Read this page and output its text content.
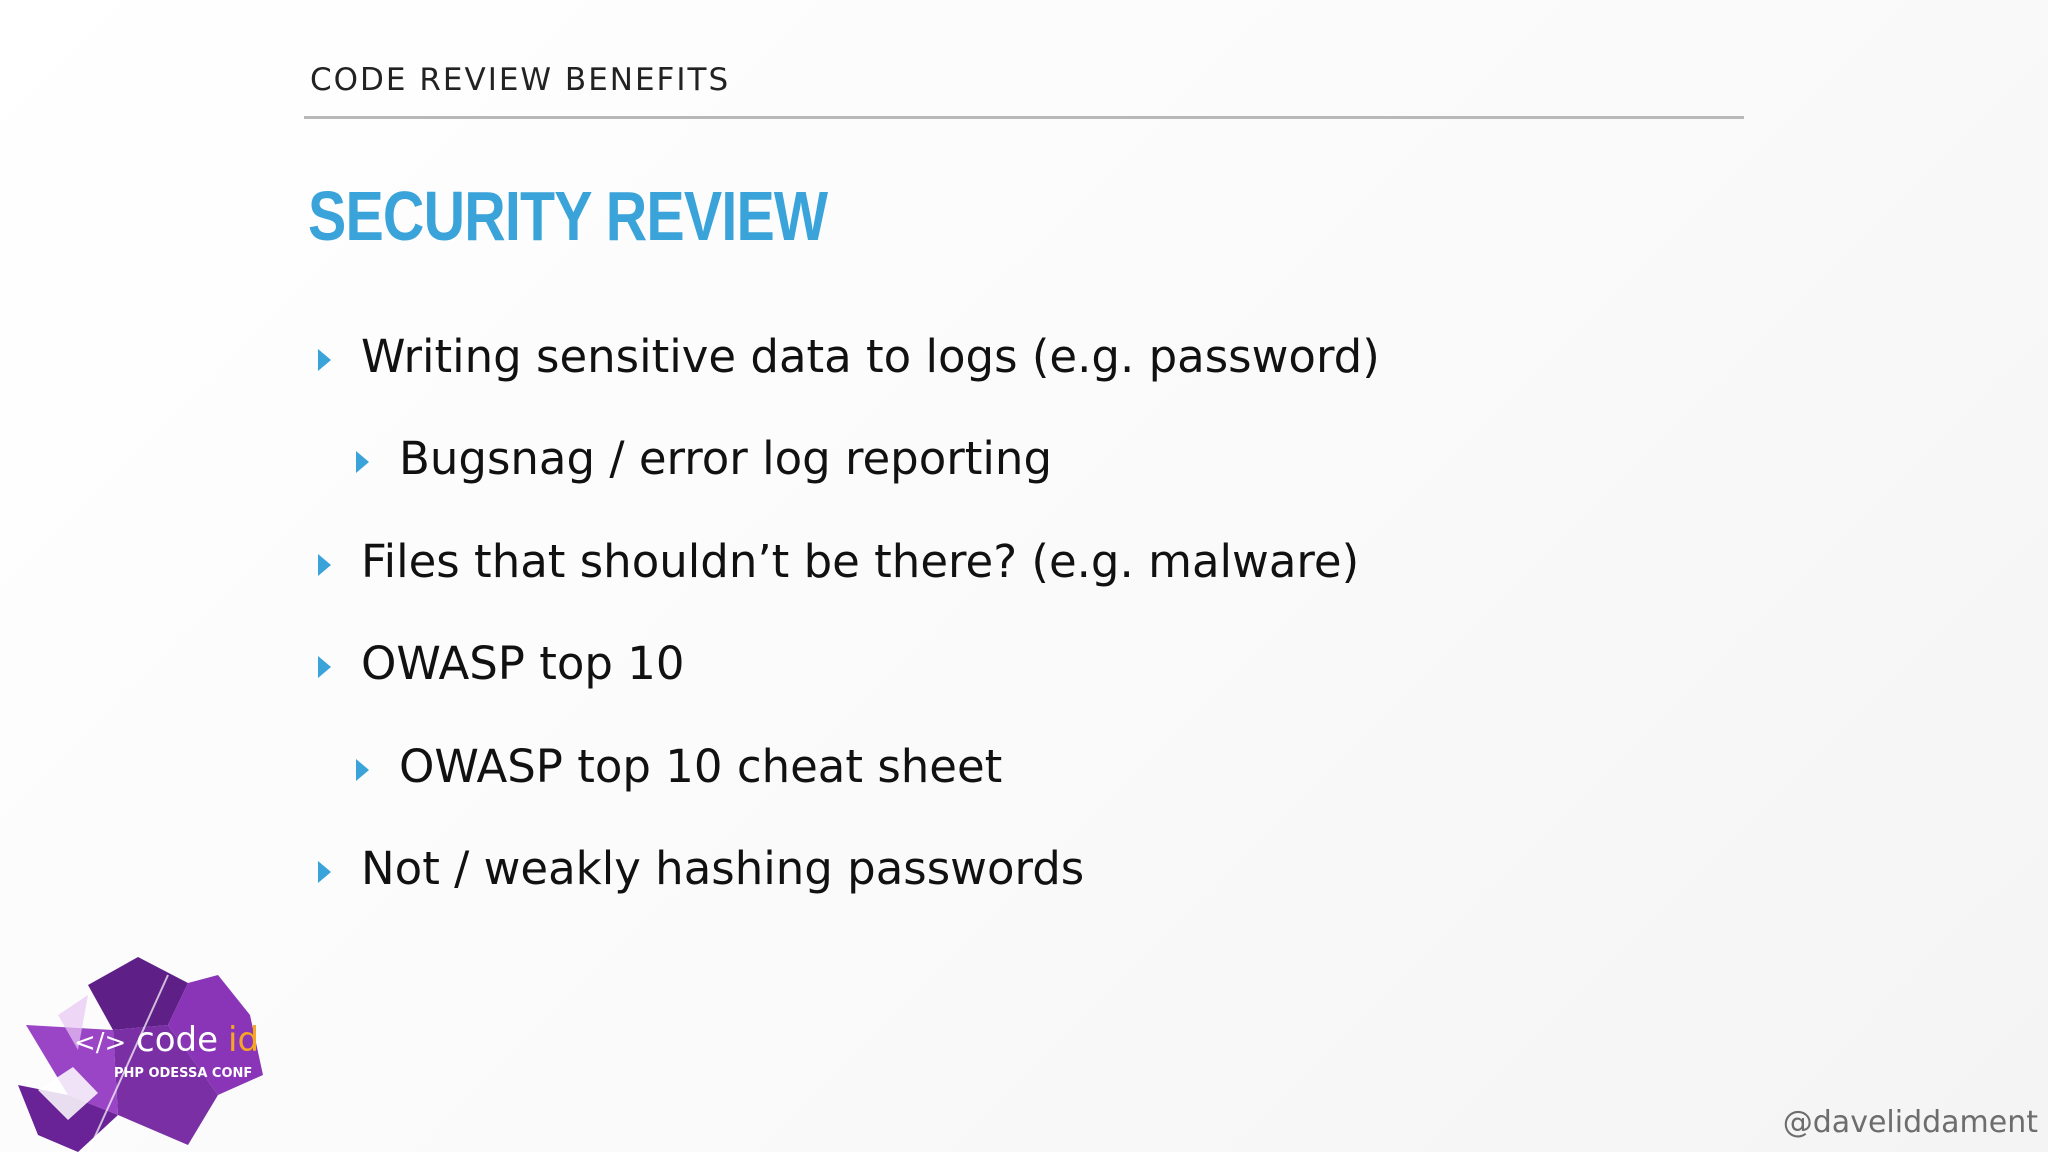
CODE REVIEW BENEFITS
SECURITY REVIEW
Writing sensitive data to logs (e.g. password)
Bugsnag / error log reporting
Files that shouldn’t be there? (e.g. malware)
OWASP top 10
OWASP top 10 cheat sheet
Not / weakly hashing passwords
</> code id
PHP ODESSA CONF
@daveliddament
